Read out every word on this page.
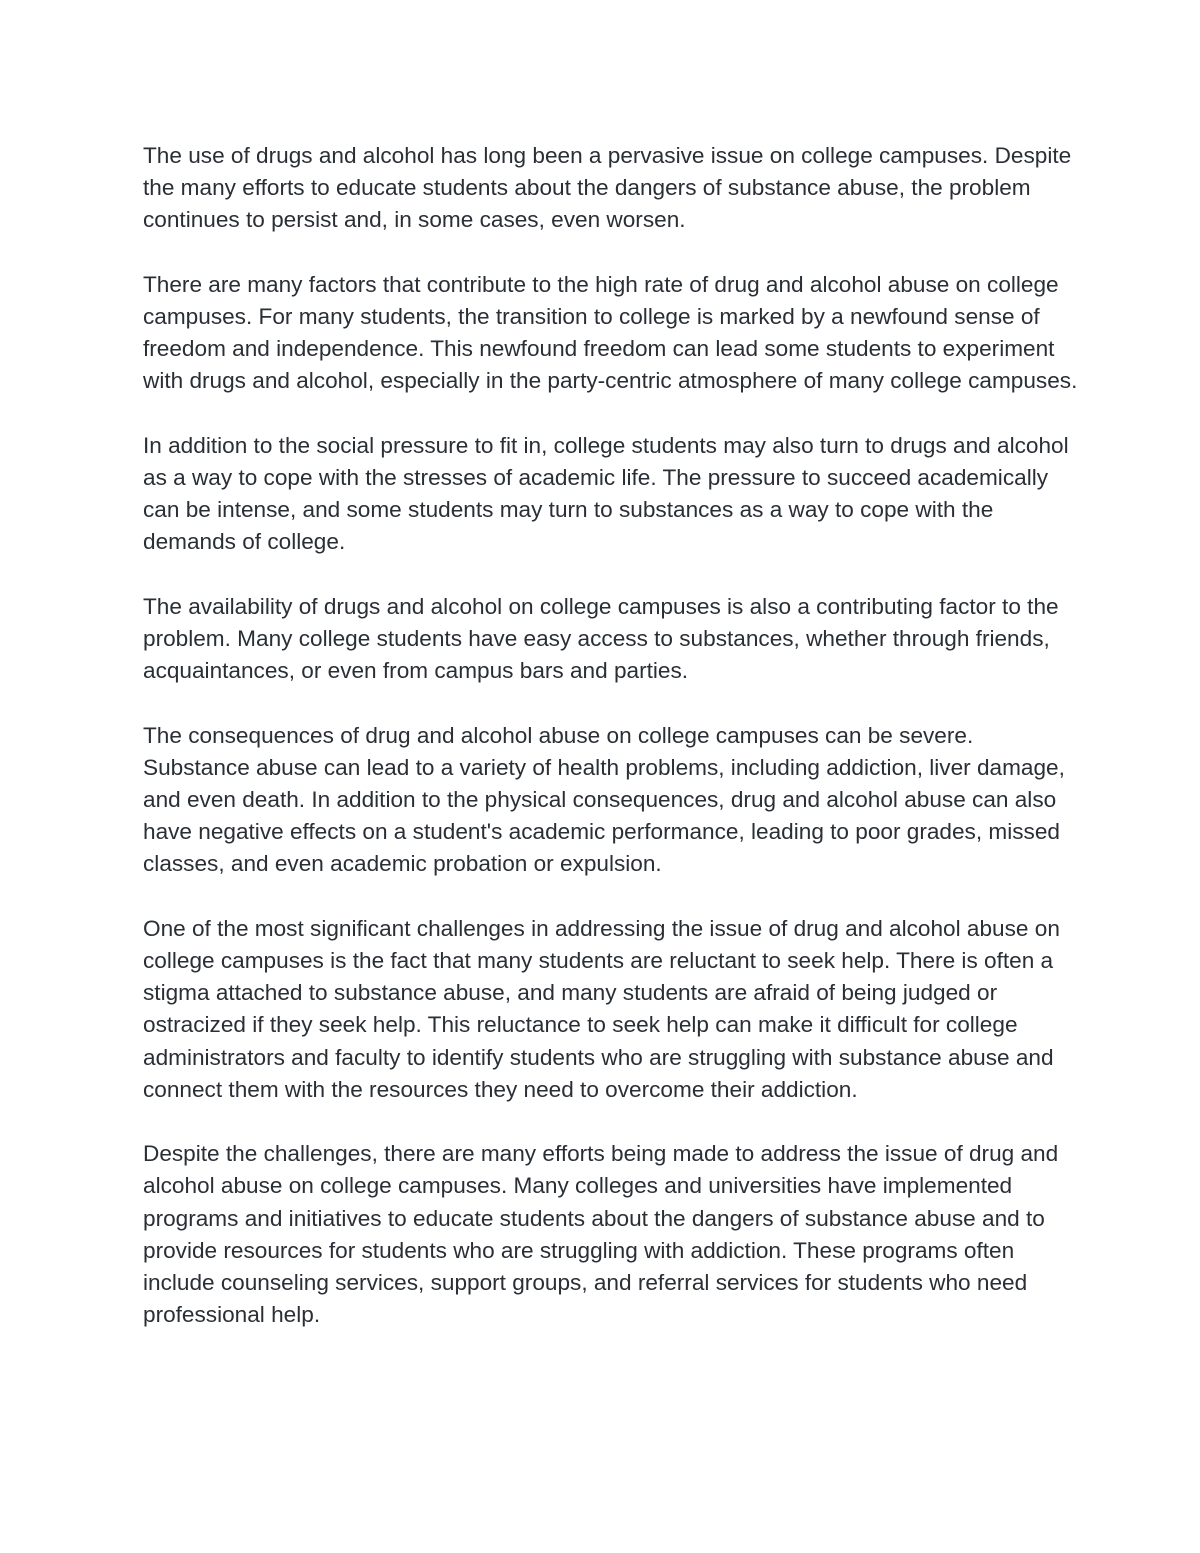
The use of drugs and alcohol has long been a pervasive issue on college campuses. Despite the many efforts to educate students about the dangers of substance abuse, the problem continues to persist and, in some cases, even worsen.

There are many factors that contribute to the high rate of drug and alcohol abuse on college campuses. For many students, the transition to college is marked by a newfound sense of freedom and independence. This newfound freedom can lead some students to experiment with drugs and alcohol, especially in the party-centric atmosphere of many college campuses.

In addition to the social pressure to fit in, college students may also turn to drugs and alcohol as a way to cope with the stresses of academic life. The pressure to succeed academically can be intense, and some students may turn to substances as a way to cope with the demands of college.

The availability of drugs and alcohol on college campuses is also a contributing factor to the problem. Many college students have easy access to substances, whether through friends, acquaintances, or even from campus bars and parties.

The consequences of drug and alcohol abuse on college campuses can be severe. Substance abuse can lead to a variety of health problems, including addiction, liver damage, and even death. In addition to the physical consequences, drug and alcohol abuse can also have negative effects on a student's academic performance, leading to poor grades, missed classes, and even academic probation or expulsion.

One of the most significant challenges in addressing the issue of drug and alcohol abuse on college campuses is the fact that many students are reluctant to seek help. There is often a stigma attached to substance abuse, and many students are afraid of being judged or ostracized if they seek help. This reluctance to seek help can make it difficult for college administrators and faculty to identify students who are struggling with substance abuse and connect them with the resources they need to overcome their addiction.

Despite the challenges, there are many efforts being made to address the issue of drug and alcohol abuse on college campuses. Many colleges and universities have implemented programs and initiatives to educate students about the dangers of substance abuse and to provide resources for students who are struggling with addiction. These programs often include counseling services, support groups, and referral services for students who need professional help.
